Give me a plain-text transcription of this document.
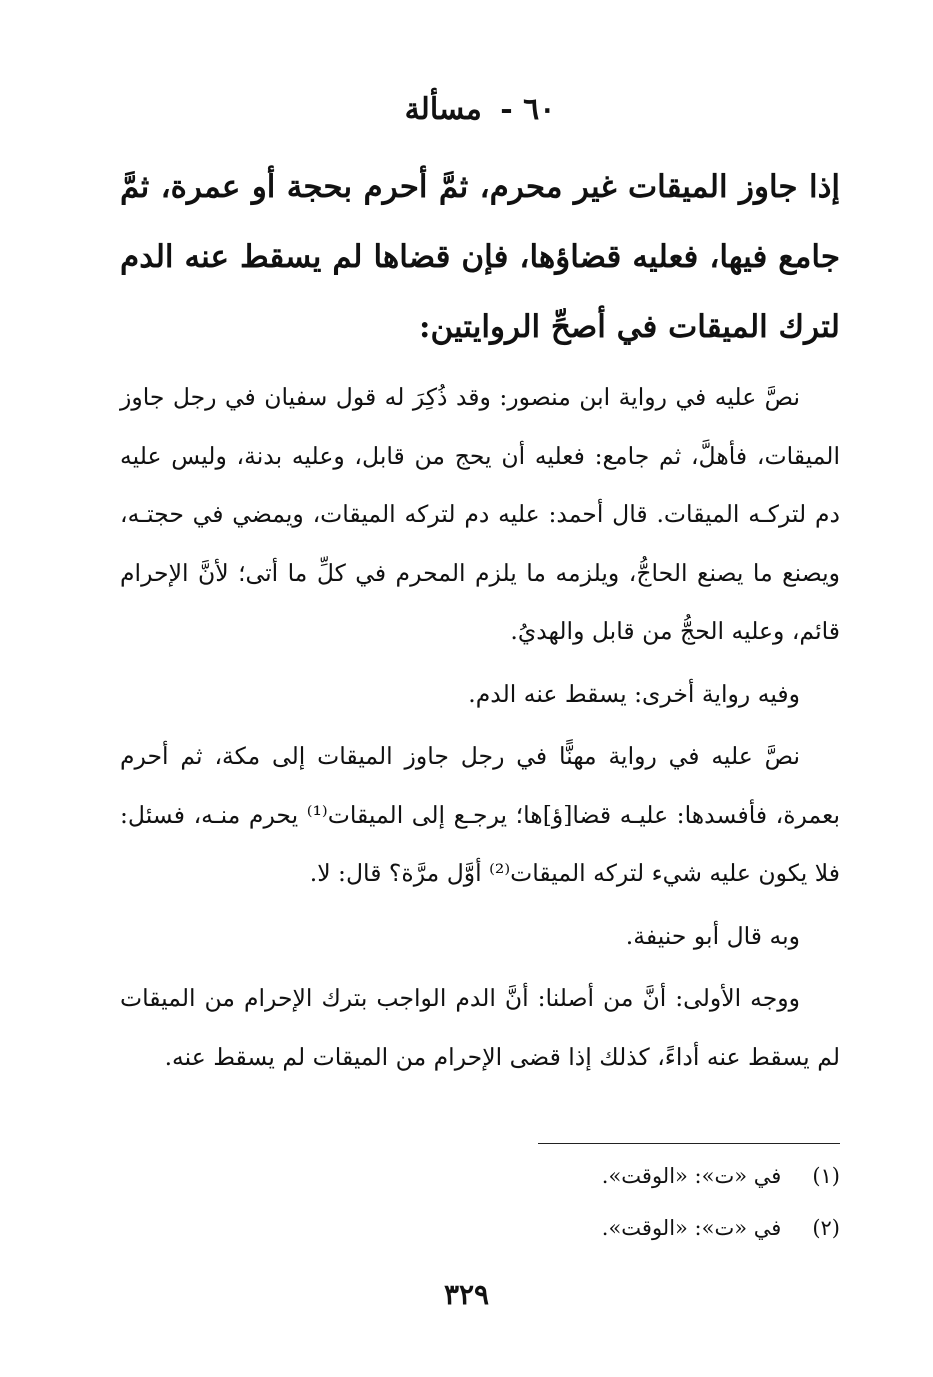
٦٠ - مسألة

إذا جاوز الميقات غير محرم، ثمَّ أحرم بحجة أو عمرة، ثمَّ جامع فيها، فعليه قضاؤها، فإن قضاها لم يسقط عنه الدم لترك الميقات في أصحِّ الروايتين:

نصَّ عليه في رواية ابن منصور: وقد ذُكِرَ له قول سفيان في رجل جاوز الميقات، فأهلَّ، ثم جامع: فعليه أن يحج من قابل، وعليه بدنة، وليس عليه دم لتركـه الميقات. قال أحمد: عليه دم لتركه الميقات، ويمضي في حجتـه، ويصنع ما يصنع الحاجُّ، ويلزمه ما يلزم المحرم في كلِّ ما أتى؛ لأنَّ الإحرام قائم، وعليه الحجُّ من قابل والهديُ.

وفيه رواية أخرى: يسقط عنه الدم.

نصَّ عليه في رواية مهنًّا في رجل جاوز الميقات إلى مكة، ثم أحرم بعمرة، فأفسدها: عليـه قضا[ؤ]ها؛ يرجـع إلى الميقات⁽¹⁾ يحرم منـه، فسئل: فلا يكون عليه شيء لتركه الميقات⁽²⁾ أوَّل مرَّة؟ قال: لا.

وبه قال أبو حنيفة.

ووجه الأولى: أنَّ من أصلنا: أنَّ الدم الواجب بترك الإحرام من الميقات لم يسقط عنه أداءً، كذلك إذا قضى الإحرام من الميقات لم يسقط عنه.

(١) في «ت»: «الوقت».
(٢) في «ت»: «الوقت».
٣٢٩
